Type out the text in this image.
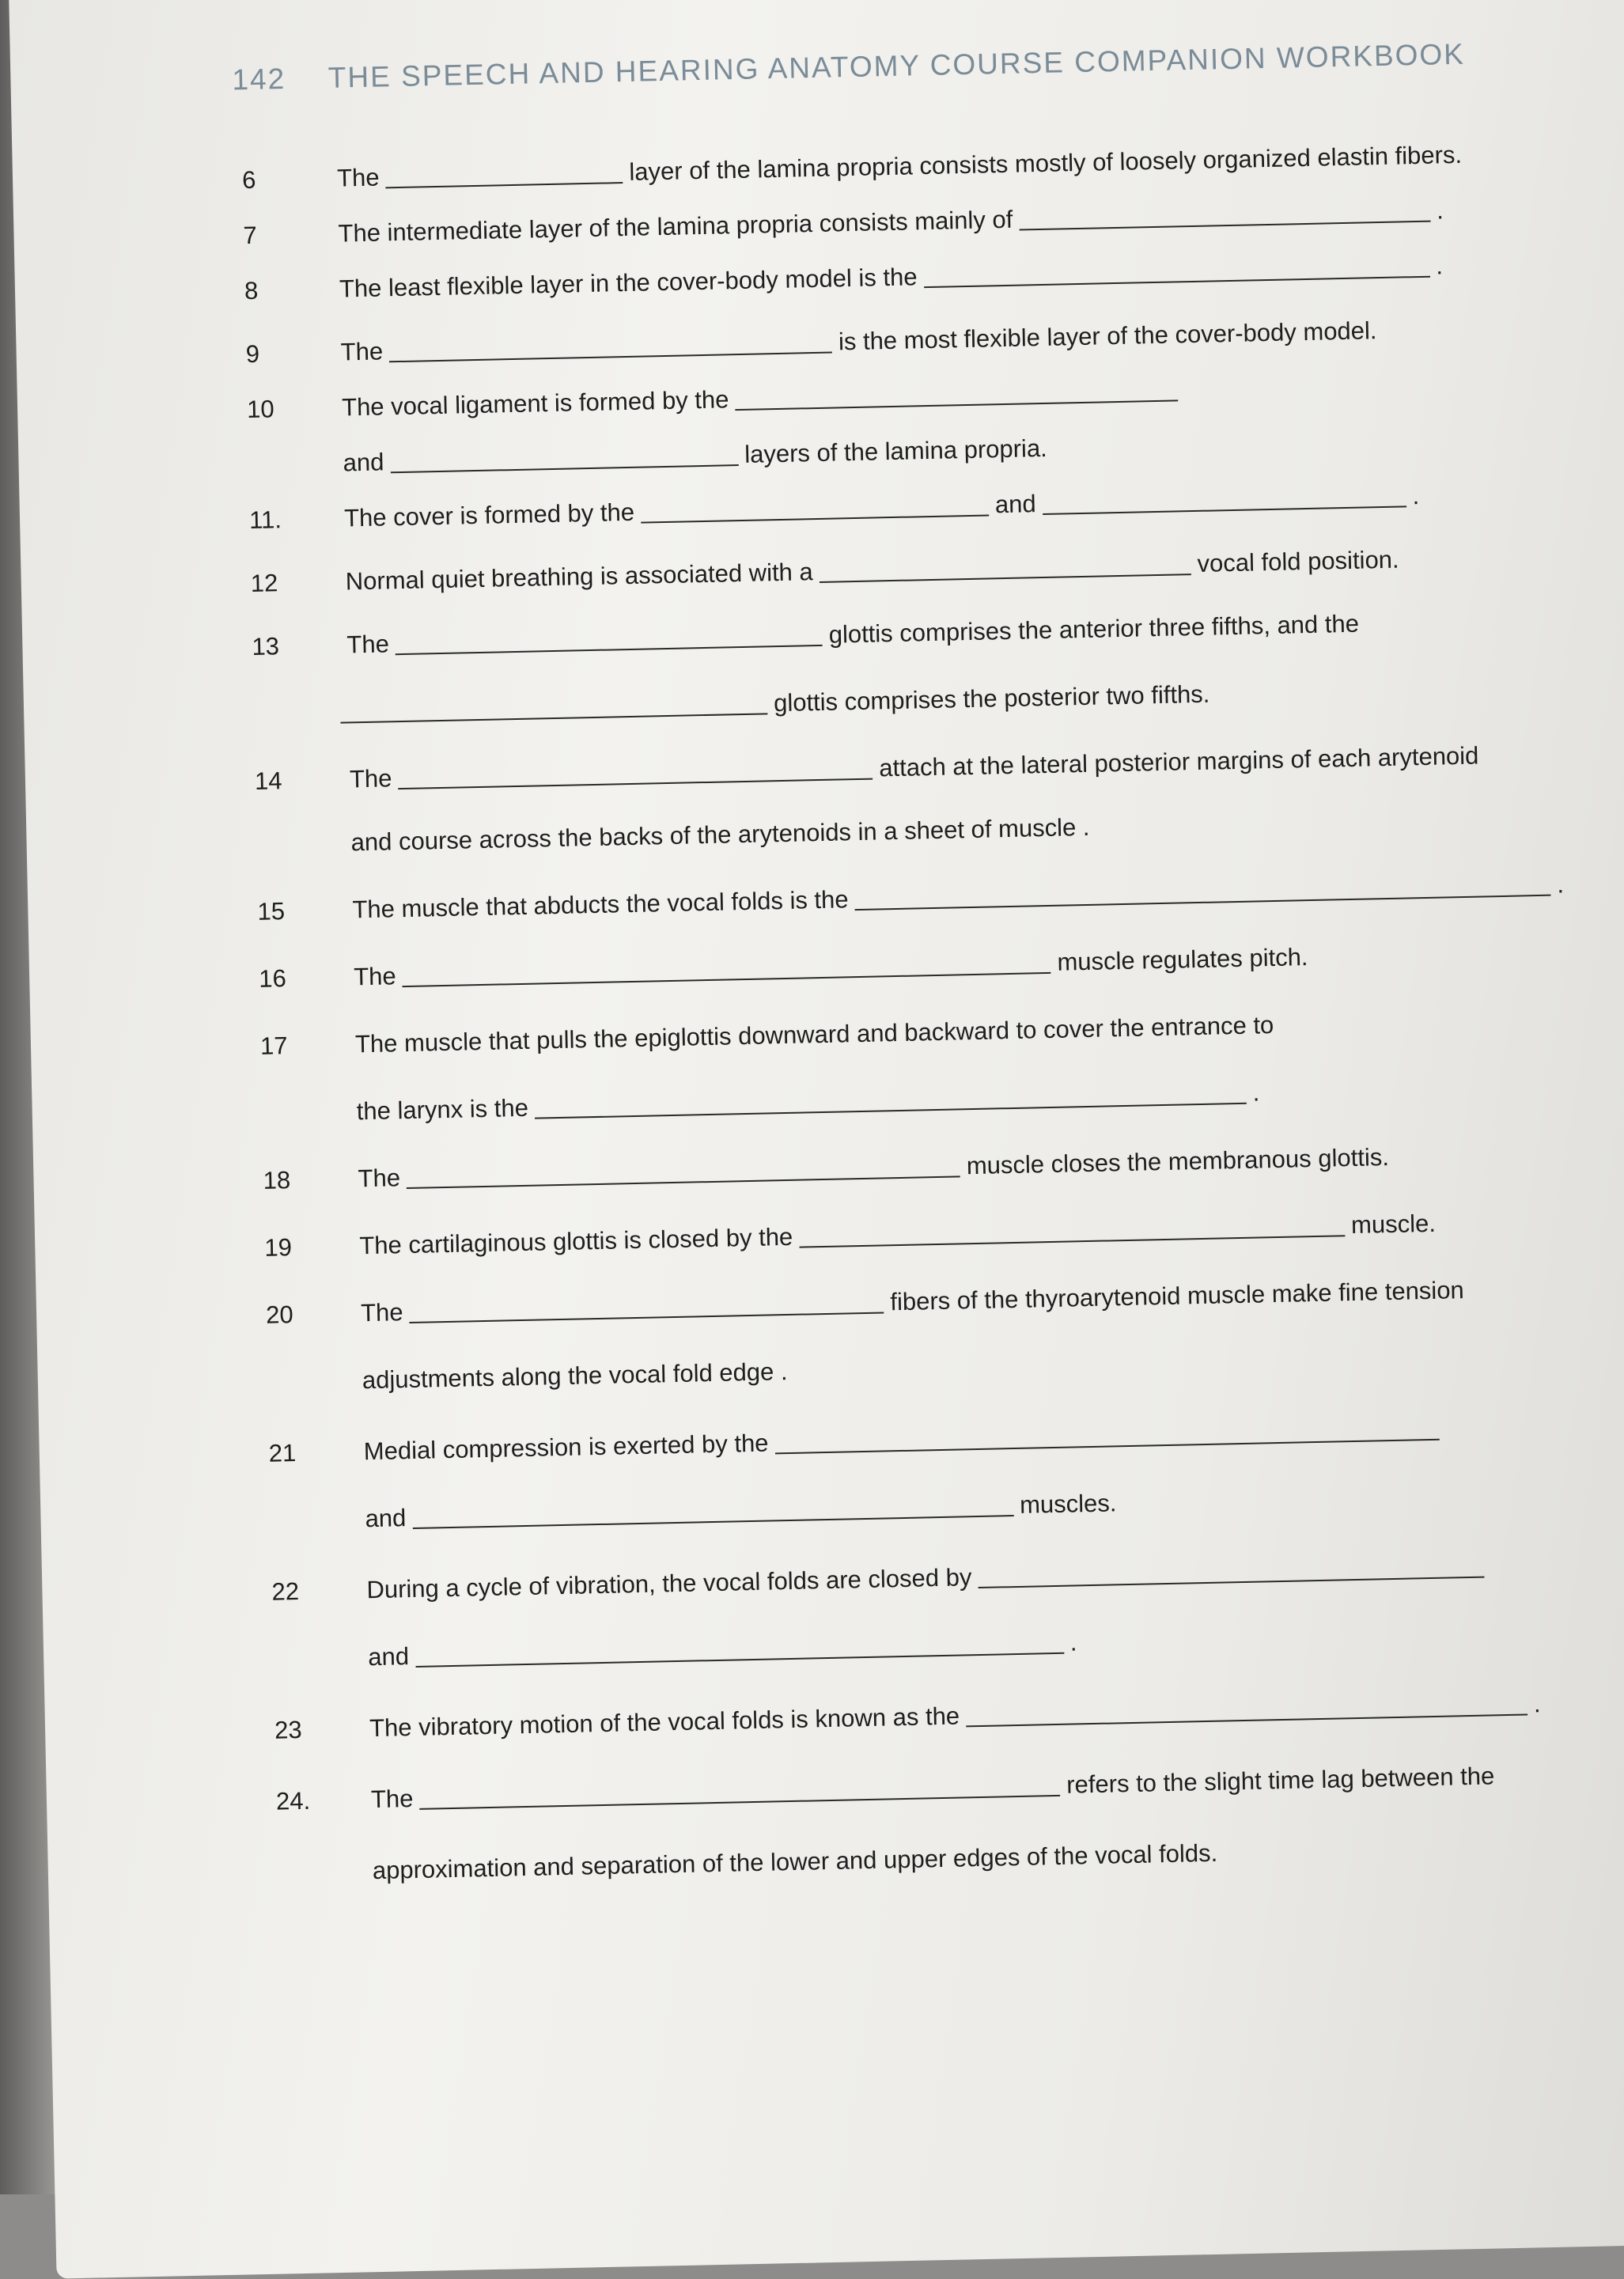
142 THE SPEECH AND HEARING ANATOMY COURSE COMPANION WORKBOOK
6	The	layer of the lamina propria consists mostly of loosely organized elastin fibers.
7	The intermediate layer of the lamina propria consists mainly of	.
8	The least flexible layer in the cover-body model is the	.
9	The	is the most flexible layer of the cover-body model.
10	The vocal ligament is formed by the
and	layers of the lamina propria.
11.	The cover is formed by the	and	.
12	Normal quiet breathing is associated with a	vocal fold position.
13	The	glottis comprises the anterior three fifths, and the
glottis comprises the posterior two fifths.
14	The	attach at the lateral posterior margins of each arytenoid
and course across the backs of the arytenoids in a sheet of muscle .
15	The muscle that abducts the vocal folds is the
.
16	The
muscle regulates pitch.
17	The muscle that pulls the epiglottis downward and backward to cover the entrance to
the larynx is the
.
18	The	muscle closes the membranous glottis.
19	The cartilaginous glottis is closed by the	muscle.
20	The	fibers of the thyroarytenoid muscle make fine tension
adjustments along the vocal fold edge .
21	Medial compression is exerted by the
and	muscles.
22	During a cycle of vibration, the vocal folds are closed by
and
.
23	The vibratory motion of the vocal folds is known as the	.
24.	The
refers to the slight time lag between the
approximation and separation of the lower and upper edges of the vocal folds.
